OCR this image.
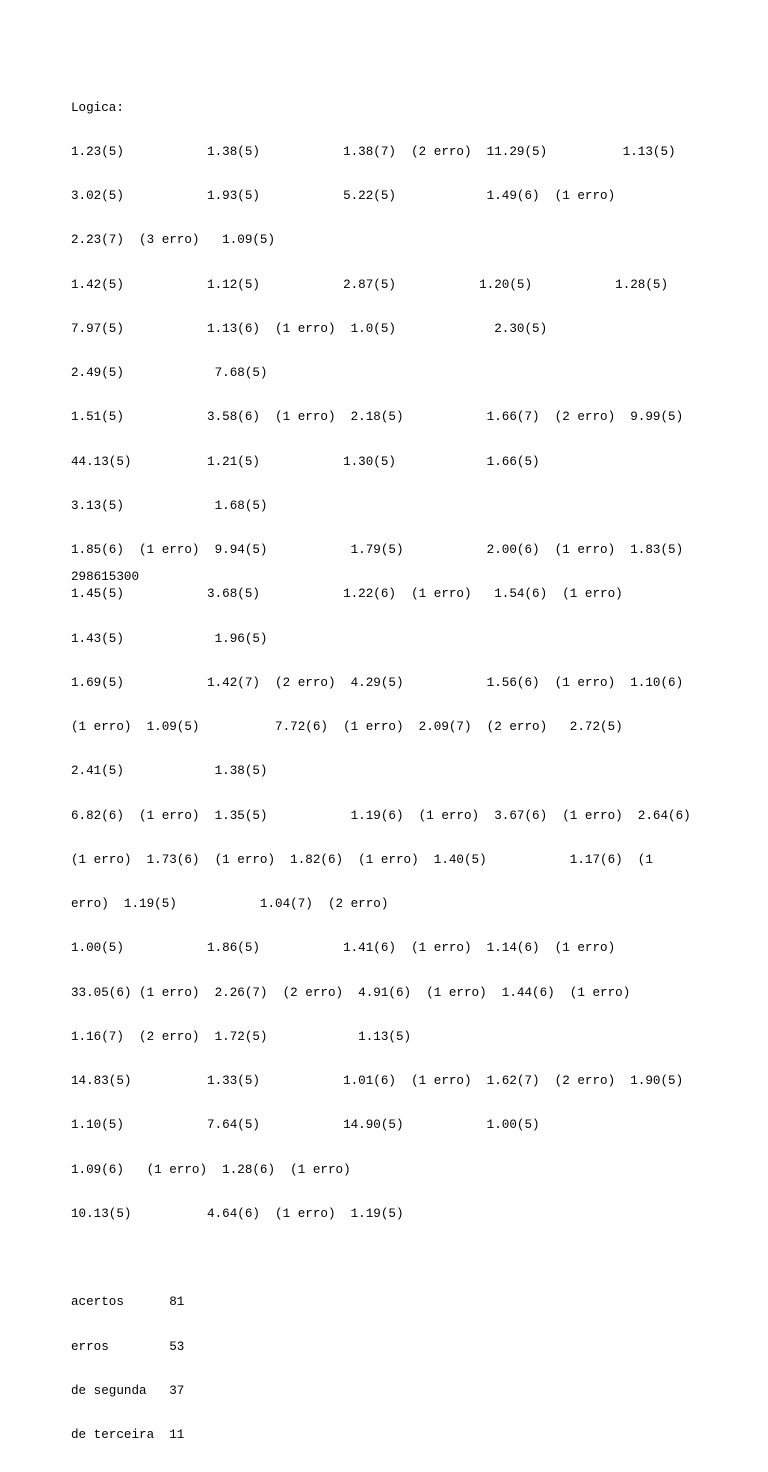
Logica:

1.23(5)           1.38(5)           1.38(7)  (2 erro)  11.29(5)          1.13(5)

3.02(5)           1.93(5)           5.22(5)            1.49(6)  (1 erro)

2.23(7)  (3 erro)   1.09(5)

1.42(5)           1.12(5)           2.87(5)           1.20(5)           1.28(5)

7.97(5)           1.13(6)  (1 erro)  1.0(5)             2.30(5)

2.49(5)            7.68(5)

1.51(5)           3.58(6)  (1 erro)  2.18(5)           1.66(7)  (2 erro)  9.99(5)

44.13(5)          1.21(5)           1.30(5)            1.66(5)

3.13(5)            1.68(5)

1.85(6)  (1 erro)  9.94(5)           1.79(5)           2.00(6)  (1 erro)  1.83(5)

1.45(5)           3.68(5)           1.22(6)  (1 erro)   1.54(6)  (1 erro)

1.43(5)            1.96(5)

1.69(5)           1.42(7)  (2 erro)  4.29(5)           1.56(6)  (1 erro)  1.10(6)

(1 erro)  1.09(5)          7.72(6)  (1 erro)  2.09(7)  (2 erro)   2.72(5)

2.41(5)            1.38(5)

6.82(6)  (1 erro)  1.35(5)           1.19(6)  (1 erro)  3.67(6)  (1 erro)  2.64(6)

(1 erro)  1.73(6)  (1 erro)  1.82(6)  (1 erro)  1.40(5)           1.17(6)  (1

erro)  1.19(5)           1.04(7)  (2 erro)

1.00(5)           1.86(5)           1.41(6)  (1 erro)  1.14(6)  (1 erro)

33.05(6) (1 erro)  2.26(7)  (2 erro)  4.91(6)  (1 erro)  1.44(6)  (1 erro)

1.16(7)  (2 erro)  1.72(5)            1.13(5)

14.83(5)          1.33(5)           1.01(6)  (1 erro)  1.62(7)  (2 erro)  1.90(5)

1.10(5)           7.64(5)           14.90(5)           1.00(5)

1.09(6)   (1 erro)  1.28(6)  (1 erro)

10.13(5)          4.64(6)  (1 erro)  1.19(5)

acertos      81

erros        53

de segunda   37

de terceira  11

298615300
